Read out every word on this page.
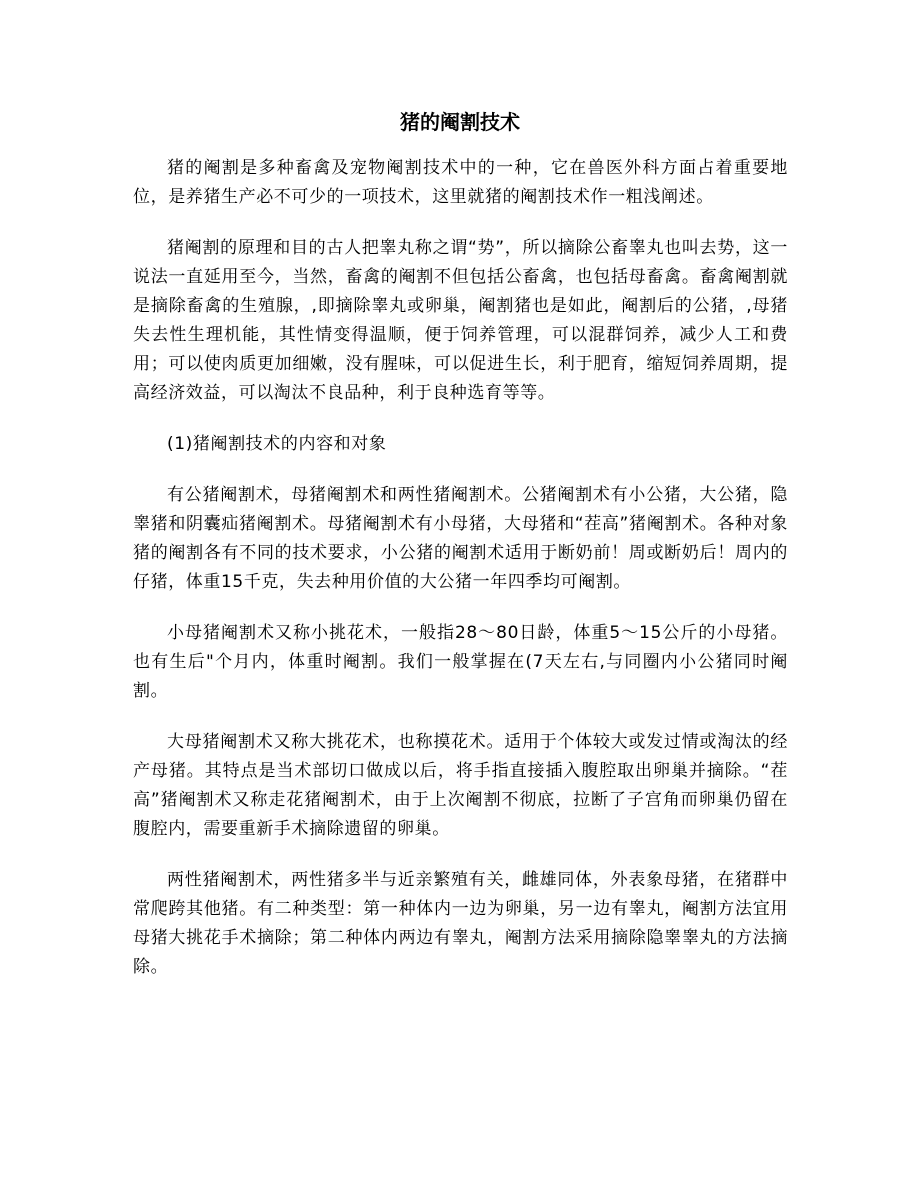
猪的阉割技术

猪的阉割是多种畜禽及宠物阉割技术中的一种，它在兽医外科方面占着重要地位，是养猪生产必不可少的一项技术，这里就猪的阉割技术作一粗浅阐述。

猪阉割的原理和目的古人把睾丸称之谓“势”，所以摘除公畜睾丸也叫去势，这一说法一直延用至今，当然，畜禽的阉割不但包括公畜禽，也包括母畜禽。畜禽阉割就是摘除畜禽的生殖腺，,即摘除睾丸或卵巢，阉割猪也是如此，阉割后的公猪，,母猪失去性生理机能，其性情变得温顺，便于饲养管理，可以混群饲养，减少人工和费用；可以使肉质更加细嫩，没有腥味，可以促进生长，利于肥育，缩短饲养周期，提高经济效益，可以淘汰不良品种，利于良种选育等等。

(1)猪阉割技术的内容和对象

有公猪阉割术，母猪阉割术和两性猪阉割术。公猪阉割术有小公猪，大公猪，隐睾猪和阴囊疝猪阉割术。母猪阉割术有小母猪，大母猪和“茬高”猪阉割术。各种对象猪的阉割各有不同的技术要求，小公猪的阉割术适用于断奶前！周或断奶后！周内的仔猪，体重15千克，失去种用价值的大公猪一年四季均可阉割。

小母猪阉割术又称小挑花术，一般指28～80日龄，体重5～15公斤的小母猪。也有生后"个月内，体重时阉割。我们一般掌握在(7天左右,与同圈内小公猪同时阉割。

大母猪阉割术又称大挑花术，也称摸花术。适用于个体较大或发过情或淘汰的经产母猪。其特点是当术部切口做成以后，将手指直接插入腹腔取出卵巢并摘除。“茬高”猪阉割术又称走花猪阉割术，由于上次阉割不彻底，拉断了子宫角而卵巢仍留在腹腔内，需要重新手术摘除遗留的卵巢。

两性猪阉割术，两性猪多半与近亲繁殖有关，雌雄同体，外表象母猪，在猪群中常爬跨其他猪。有二种类型：第一种体内一边为卵巢，另一边有睾丸，阉割方法宜用母猪大挑花手术摘除；第二种体内两边有睾丸，阉割方法采用摘除隐睾睾丸的方法摘除。
